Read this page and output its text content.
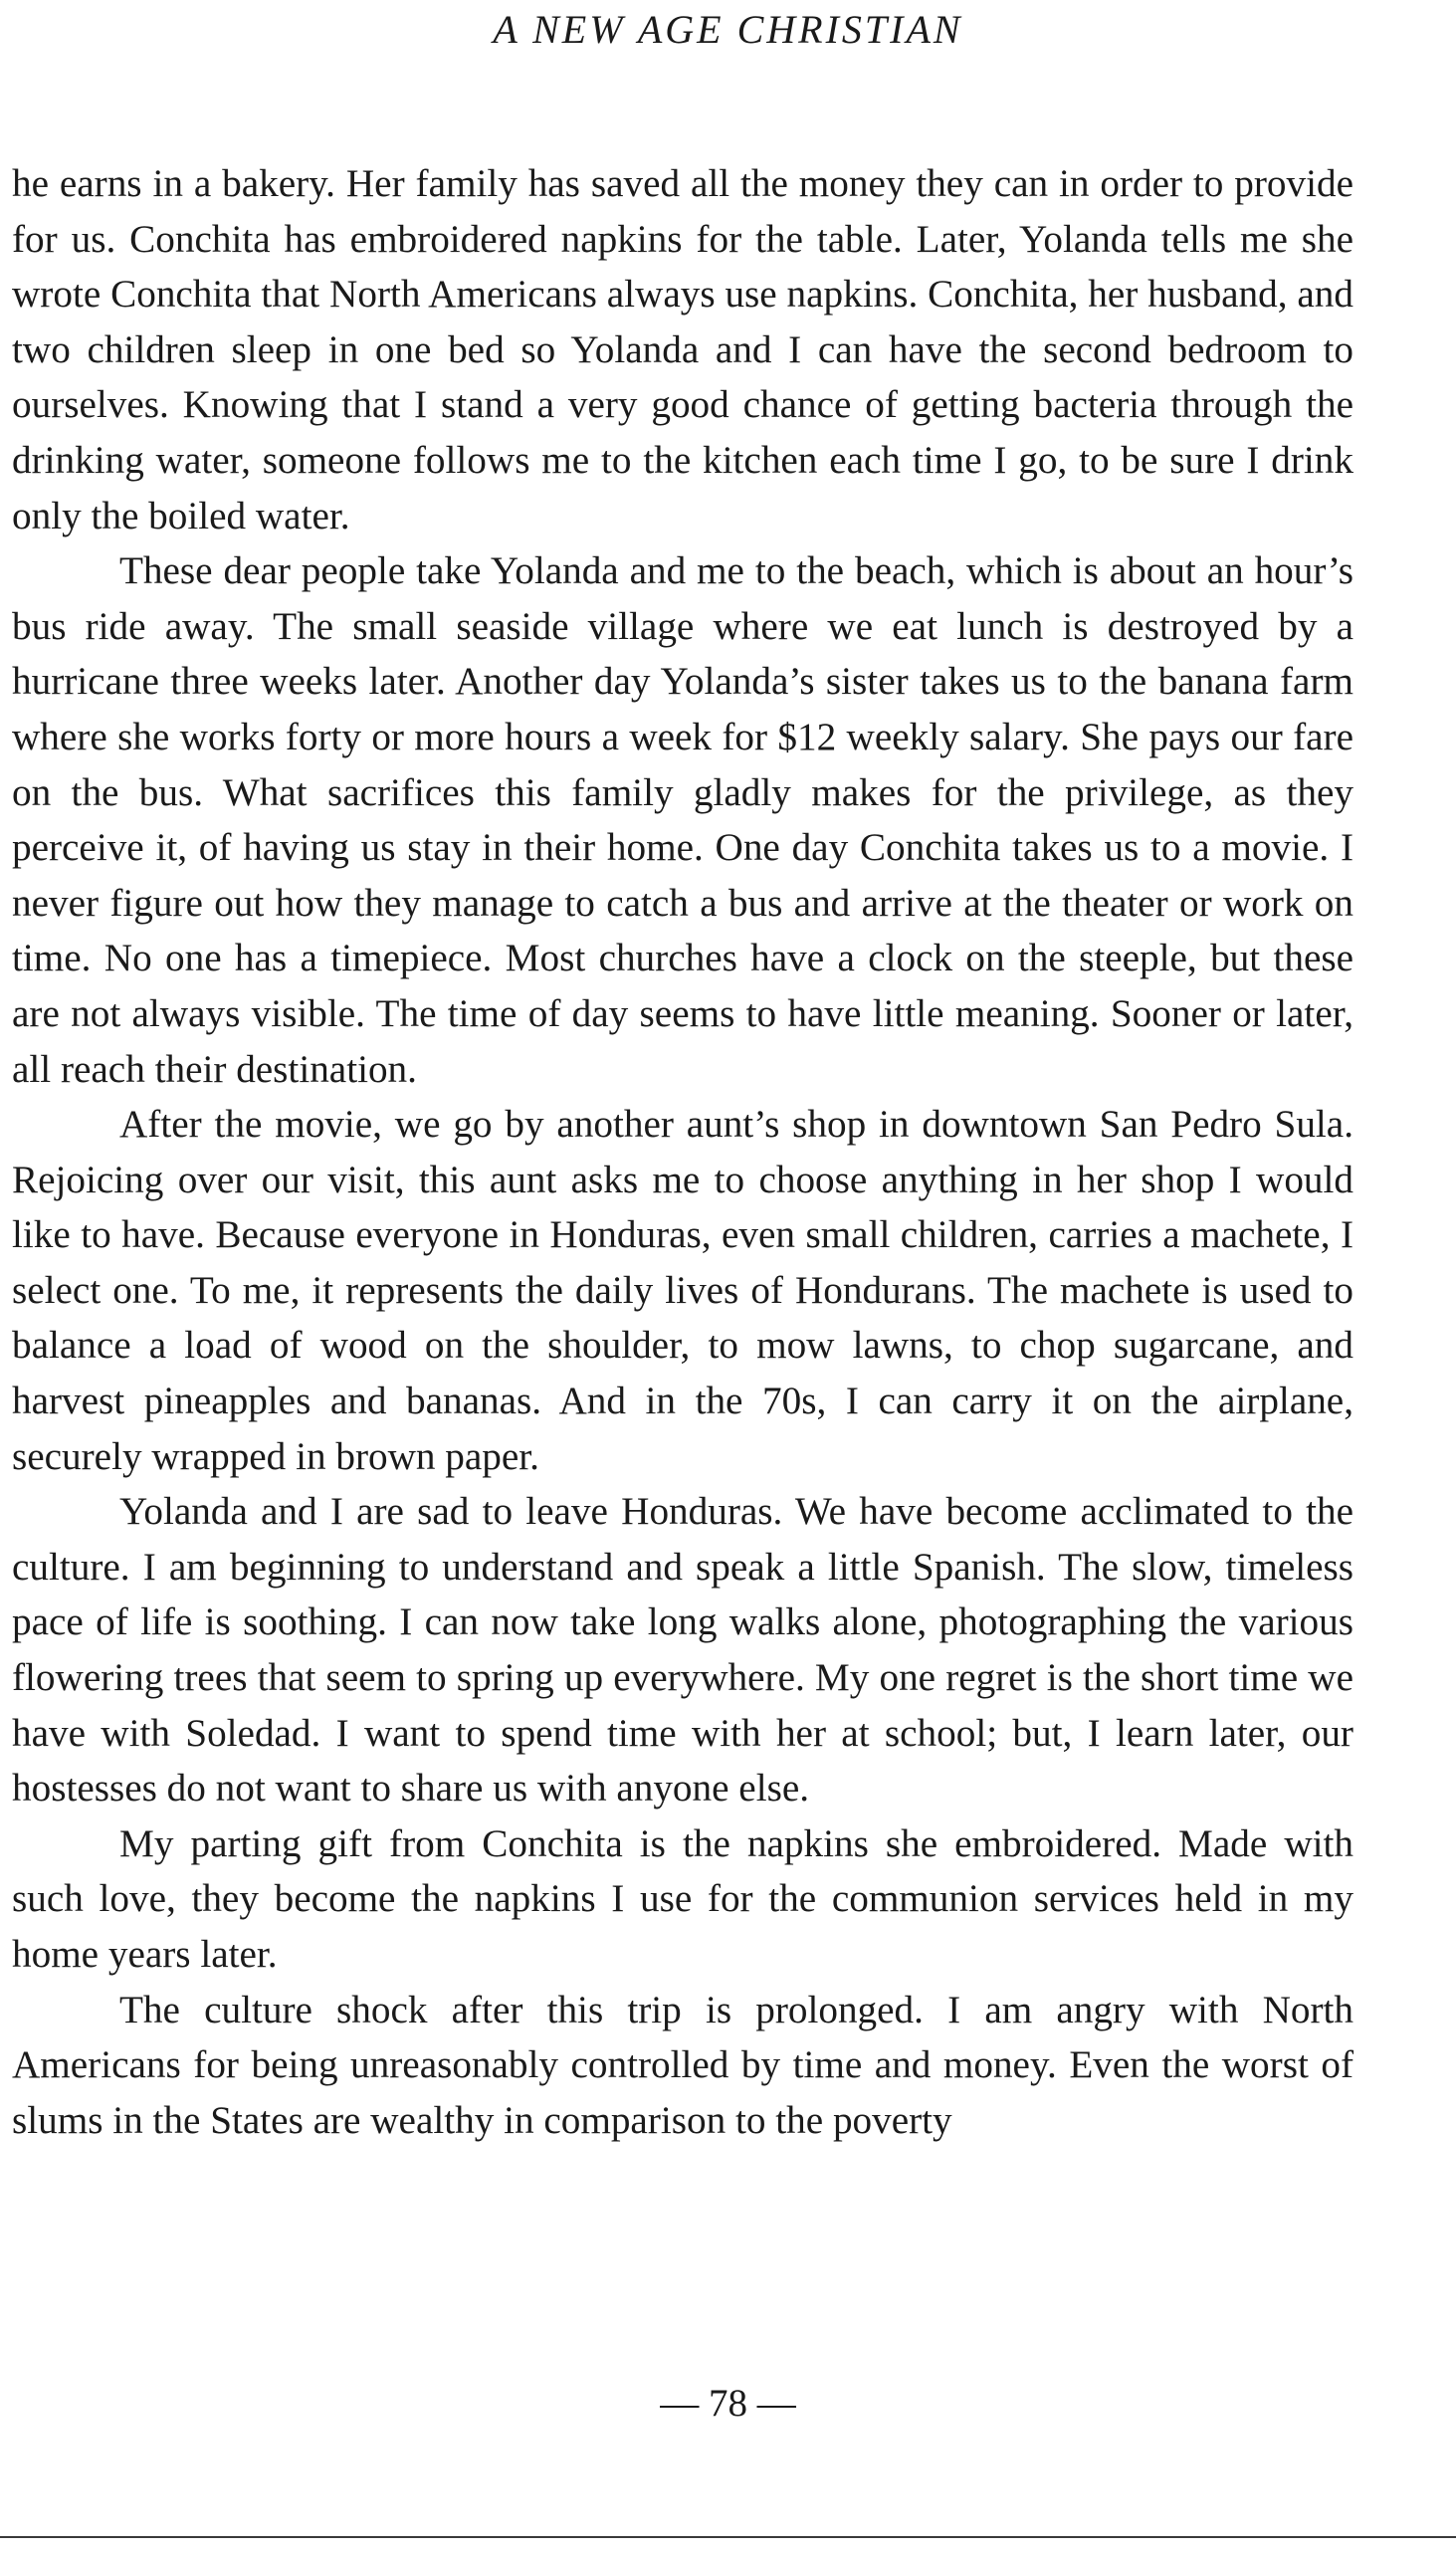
A NEW AGE CHRISTIAN

he earns in a bakery. Her family has saved all the money they can in order to provide for us. Conchita has embroidered napkins for the table. Later, Yolanda tells me she wrote Conchita that North Americans always use napkins. Conchita, her husband, and two children sleep in one bed so Yolanda and I can have the second bedroom to ourselves. Knowing that I stand a very good chance of getting bacteria through the drinking water, someone follows me to the kitchen each time I go, to be sure I drink only the boiled water.

These dear people take Yolanda and me to the beach, which is about an hour’s bus ride away. The small seaside village where we eat lunch is destroyed by a hurricane three weeks later. Another day Yolanda’s sister takes us to the banana farm where she works forty or more hours a week for $12 weekly salary. She pays our fare on the bus. What sacrifices this family gladly makes for the privilege, as they perceive it, of having us stay in their home. One day Conchita takes us to a movie. I never figure out how they manage to catch a bus and arrive at the theater or work on time. No one has a timepiece. Most churches have a clock on the steeple, but these are not always visible. The time of day seems to have little meaning. Sooner or later, all reach their destination.

After the movie, we go by another aunt’s shop in downtown San Pedro Sula. Rejoicing over our visit, this aunt asks me to choose anything in her shop I would like to have. Because everyone in Honduras, even small children, carries a machete, I select one. To me, it represents the daily lives of Hondurans. The machete is used to balance a load of wood on the shoulder, to mow lawns, to chop sugarcane, and harvest pineapples and bananas. And in the 70s, I can carry it on the airplane, securely wrapped in brown paper.

Yolanda and I are sad to leave Honduras. We have become acclimated to the culture. I am beginning to understand and speak a little Spanish. The slow, timeless pace of life is soothing. I can now take long walks alone, photographing the various flowering trees that seem to spring up everywhere. My one regret is the short time we have with Soledad. I want to spend time with her at school; but, I learn later, our hostesses do not want to share us with anyone else.

My parting gift from Conchita is the napkins she embroidered. Made with such love, they become the napkins I use for the communion services held in my home years later.

The culture shock after this trip is prolonged. I am angry with North Americans for being unreasonably controlled by time and money. Even the worst of slums in the States are wealthy in comparison to the poverty

— 78 —
